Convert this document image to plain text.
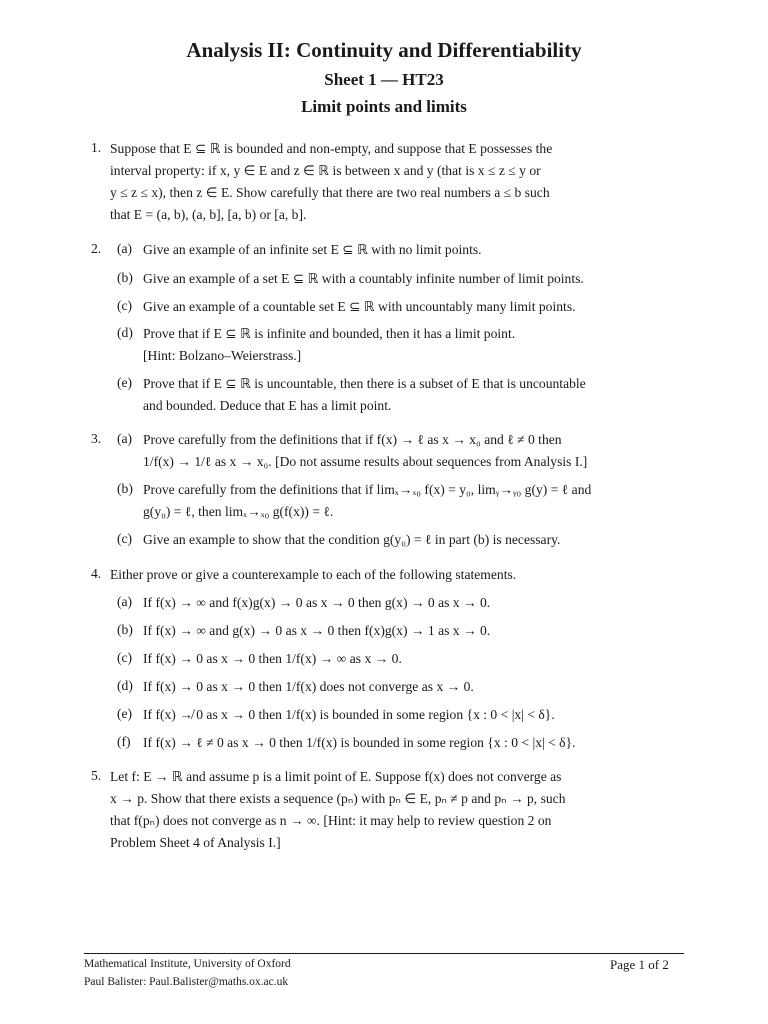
Analysis II: Continuity and Differentiability
Sheet 1 — HT23
Limit points and limits
1. Suppose that E ⊆ ℝ is bounded and non-empty, and suppose that E possesses the
interval property: if x, y ∈ E and z ∈ ℝ is between x and y (that is x ≤ z ≤ y or
y ≤ z ≤ x), then z ∈ E. Show carefully that there are two real numbers a ≤ b such
that E = (a, b), (a, b], [a, b) or [a, b].
2. (a) Give an example of an infinite set E ⊆ ℝ with no limit points.
(b) Give an example of a set E ⊆ ℝ with a countably infinite number of limit points.
(c) Give an example of a countable set E ⊆ ℝ with uncountably many limit points.
(d) Prove that if E ⊆ ℝ is infinite and bounded, then it has a limit point.
[Hint: Bolzano–Weierstrass.]
(e) Prove that if E ⊆ ℝ is uncountable, then there is a subset of E that is uncountable
and bounded. Deduce that E has a limit point.
3. (a) Prove carefully from the definitions that if f(x) → ℓ as x → x₀ and ℓ ≠ 0 then
1/f(x) → 1/ℓ as x → x₀. [Do not assume results about sequences from Analysis I.]
(b) Prove carefully from the definitions that if limₓ→ₓ₀ f(x) = y₀, limᵧ→ᵧ₀ g(y) = ℓ and
g(y₀) = ℓ, then limₓ→ₓ₀ g(f(x)) = ℓ.
(c) Give an example to show that the condition g(y₀) = ℓ in part (b) is necessary.
4. Either prove or give a counterexample to each of the following statements.
(a) If f(x) → ∞ and f(x)g(x) → 0 as x → 0 then g(x) → 0 as x → 0.
(b) If f(x) → ∞ and g(x) → 0 as x → 0 then f(x)g(x) → 1 as x → 0.
(c) If f(x) → 0 as x → 0 then 1/f(x) → ∞ as x → 0.
(d) If f(x) → 0 as x → 0 then 1/f(x) does not converge as x → 0.
(e) If f(x) ↛ 0 as x → 0 then 1/f(x) is bounded in some region {x : 0 < |x| < δ}.
(f) If f(x) → ℓ ≠ 0 as x → 0 then 1/f(x) is bounded in some region {x : 0 < |x| < δ}.
5. Let f: E → ℝ and assume p is a limit point of E. Suppose f(x) does not converge as
x → p. Show that there exists a sequence (pₙ) with pₙ ∈ E, pₙ ≠ p and pₙ → p, such
that f(pₙ) does not converge as n → ∞. [Hint: it may help to review question 2 on
Problem Sheet 4 of Analysis I.]
Mathematical Institute, University of Oxford
Paul Balister: Paul.Balister@maths.ox.ac.uk
Page 1 of 2
